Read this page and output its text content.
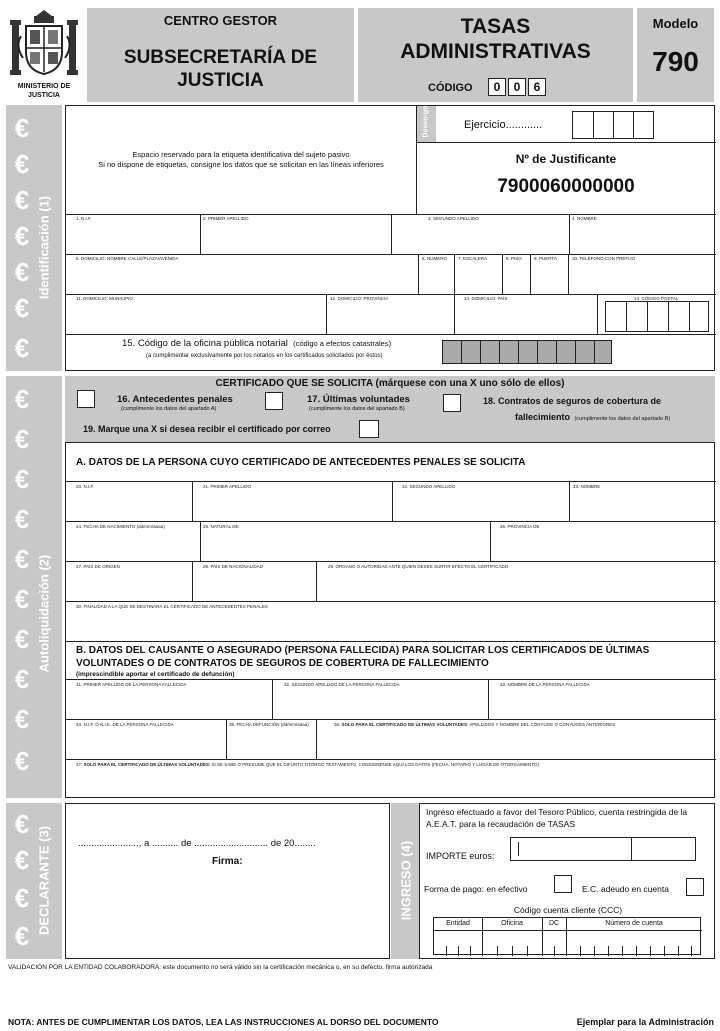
MINISTERIO DE JUSTICIA
CENTRO GESTOR
SUBSECRETARÍA DE JUSTICIA
TASAS ADMINISTRATIVAS
CÓDIGO	0	0	6
Modelo
790
€
€
€
€
€
€
€
Identificación (1)
Espacio reservado para la etiqueta identificativa del sujeto pasivo
Si no dispone de etiquetas, consigne los datos que se solicitan en las líneas inferiores
Deven-go	Ejercicio............
Nº de Justificante
7900060000000
1. N.I.F.	2. PRIMER APELLIDO	3. SEGUNDO APELLIDO	4. NOMBRE
5. DOMICILIO: NOMBRE CALLE/PLAZA/AVENIDA	6. NÚMERO 7. ESCALERA	8. PISO	9. PUERTA	10. TELÉFONO CON PREFIJO
11. DOMICILIO: MUNICIPIO	12. DOMICILIO: PROVINCIA	13. DOMICILIO: PAÍS	14. CÓDIGO POSTAL
15. Código de la oficina pública notarial (código a efectos catastrales)
(a cumplimentar exclusivamente por los notarios en los certificados solicitados por éstos)
€
€
€
€
€
€
€
€
€
€
Autoliquidación (2)
CERTIFICADO QUE SE SOLICITA (márquese con una X uno sólo de ellos)
16. Antecedentes penales
(cumplimente los datos del apartado A)
17. Últimas voluntades
(cumplimente los datos del apartado B)
18. Contratos de seguros de cobertura de
fallecimiento (cumplimente los datos del apartado B)
19. Marque una X si desea recibir el certificado por correo
A. DATOS DE LA PERSONA CUYO CERTIFICADO DE ANTECEDENTES PENALES SE SOLICITA
20. N.I.F.	21. PRIMER APELLIDO	22. SEGUNDO APELLIDO	23. NOMBRE
24. FECHA DE NACIMIENTO (dd/mm/aaaa)	25. NATURAL DE	26. PROVINCIA DE
27. PAÍS DE ORIGEN	28. PAÍS DE NACIONALIDAD	29. ÓRGANO O AUTORIDAD ANTE QUIEN DESEE SURTIR EFECTO EL CERTIFICADO
30. FINALIDAD A LA QUE SE DESTINARÁ EL CERTIFICADO DE ANTECEDENTES PENALES
B. DATOS DEL CAUSANTE O ASEGURADO (PERSONA FALLECIDA) PARA SOLICITAR LOS CERTIFICADOS DE ÚLTIMAS
VOLUNTADES O DE CONTRATOS DE SEGUROS DE COBERTURA DE FALLECIMIENTO
(imprescindible aportar el certificado de defunción)
31. PRIMER APELLIDO DE LA PERSONA FALLECIDA	32. SEGUNDO APELLIDO DE LA PERSONA FALLECIDA	33. NOMBRE DE LA PERSONA FALLECIDA
34. N.I.F. Ó N.I.E. DE LA PERSONA FALLECIDA	35. FECHA DEFUNCIÓN (dd/mm/aaaa)	36. SOLO PARA EL CERTIFICADO DE ÚLTIMAS VOLUNTADES: APELLIDOS Y NOMBRE DEL CÓNYUGE Ó CÓNYUGES ANTERIORES
37. SOLO PARA EL CERTIFICADO DE ÚLTIMAS VOLUNTADES: SI SE SABE O PRESUME QUE EL DIFUNTO OTORGÓ TESTAMENTO, CONSÍGNENSE AQUÍ LOS DATOS (FECHA, NOTARIO Y LUGAR DE OTORGAMIENTO)
€
€
€
€
DECLARANTE (3)	......................., a .......... de ............................ de 20........
Firma:	INGRESO (4)
Ingreso efectuado a favor del Tesoro Público, cuenta restringida de la
A.E.A.T. para la recaudación de TASAS
IMPORTE euros:
Forma de pago: en efectivo	E.C. adeudo en cuenta
Código cuenta cliente (CCC)
Entidad	Oficina	DC	Número de cuenta
VALIDACIÓN POR LA ENTIDAD COLABORADORA: este documento no será válido sin la certificación mecánica o, en su defecto, firma autorizada
NOTA: ANTES DE CUMPLIMENTAR LOS DATOS, LEA LAS INSTRUCCIONES AL DORSO DEL DOCUMENTO	Ejemplar para la Administración
